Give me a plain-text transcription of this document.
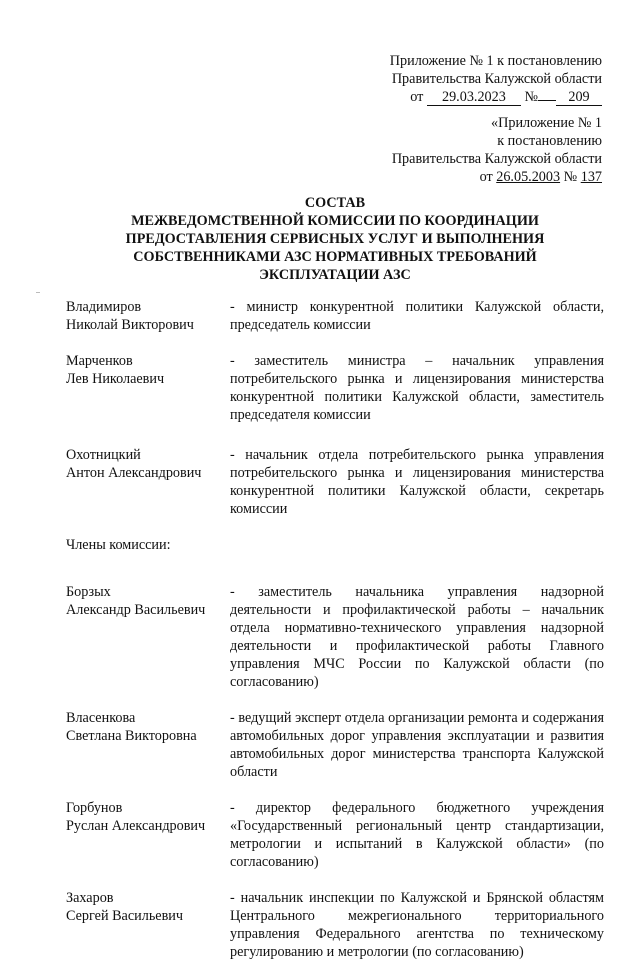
Приложение № 1 к постановлению
Правительства Калужской области
от 29.03.2023 № 209
«Приложение № 1
к постановлению
Правительства Калужской области
от 26.05.2003 № 137
СОСТАВ
МЕЖВЕДОМСТВЕННОЙ КОМИССИИ ПО КООРДИНАЦИИ
ПРЕДОСТАВЛЕНИЯ СЕРВИСНЫХ УСЛУГ И ВЫПОЛНЕНИЯ
СОБСТВЕННИКАМИ АЗС НОРМАТИВНЫХ ТРЕБОВАНИЙ
ЭКСПЛУАТАЦИИ АЗС
Владимиров
Николай Викторович
- министр конкурентной политики Калужской области, председатель комиссии
Марченков
Лев Николаевич
- заместитель министра – начальник управления потребительского рынка и лицензирования министерства конкурентной политики Калужской области, заместитель председателя комиссии
Охотницкий
Антон Александрович
- начальник отдела потребительского рынка управления потребительского рынка и лицензирования министерства конкурентной политики Калужской области, секретарь комиссии
Члены комиссии:
Борзых
Александр Васильевич
- заместитель начальника управления надзорной деятельности и профилактической работы – начальник отдела нормативно-технического управления надзорной деятельности и профилактической работы Главного управления МЧС России по Калужской области (по согласованию)
Власенкова
Светлана Викторовна
- ведущий эксперт отдела организации ремонта и содержания автомобильных дорог управления эксплуатации и развития автомобильных дорог министерства транспорта Калужской области
Горбунов
Руслан Александрович
- директор федерального бюджетного учреждения «Государственный региональный центр стандартизации, метрологии и испытаний в Калужской области» (по согласованию)
Захаров
Сергей Васильевич
- начальник инспекции по Калужской и Брянской областям Центрального межрегионального территориального управления Федерального агентства по техническому регулированию и метрологии (по согласованию)
